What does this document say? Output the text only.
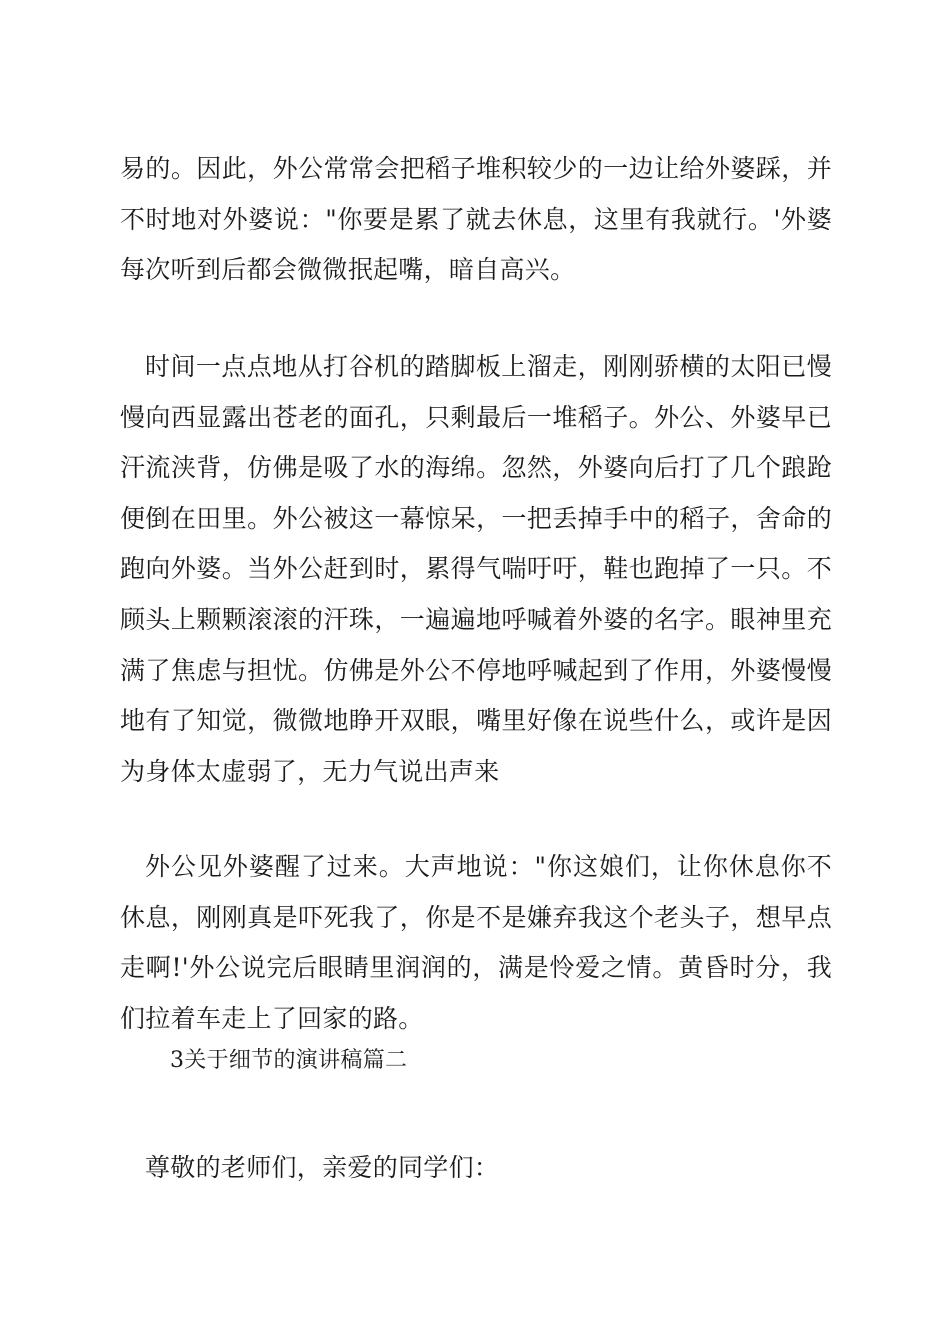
易的。因此，外公常常会把稻子堆积较少的一边让给外婆踩，并不时地对外婆说："你要是累了就去休息，这里有我就行。'外婆每次听到后都会微微抿起嘴，暗自高兴。

时间一点点地从打谷机的踏脚板上溜走，刚刚骄横的太阳已慢慢向西显露出苍老的面孔，只剩最后一堆稻子。外公、外婆早已汗流浃背，仿佛是吸了水的海绵。忽然，外婆向后打了几个踉跄便倒在田里。外公被这一幕惊呆，一把丢掉手中的稻子，舍命的跑向外婆。当外公赶到时，累得气喘吁吁，鞋也跑掉了一只。不顾头上颗颗滚滚的汗珠，一遍遍地呼喊着外婆的名字。眼神里充满了焦虑与担忧。仿佛是外公不停地呼喊起到了作用，外婆慢慢地有了知觉，微微地睁开双眼，嘴里好像在说些什么，或许是因为身体太虚弱了，无力气说出声来

外公见外婆醒了过来。大声地说："你这娘们，让你休息你不休息，刚刚真是吓死我了，你是不是嫌弃我这个老头子，想早点走啊!'外公说完后眼睛里润润的，满是怜爱之情。黄昏时分，我们拉着车走上了回家的路。

3关于细节的演讲稿篇二

尊敬的老师们，亲爱的同学们：
